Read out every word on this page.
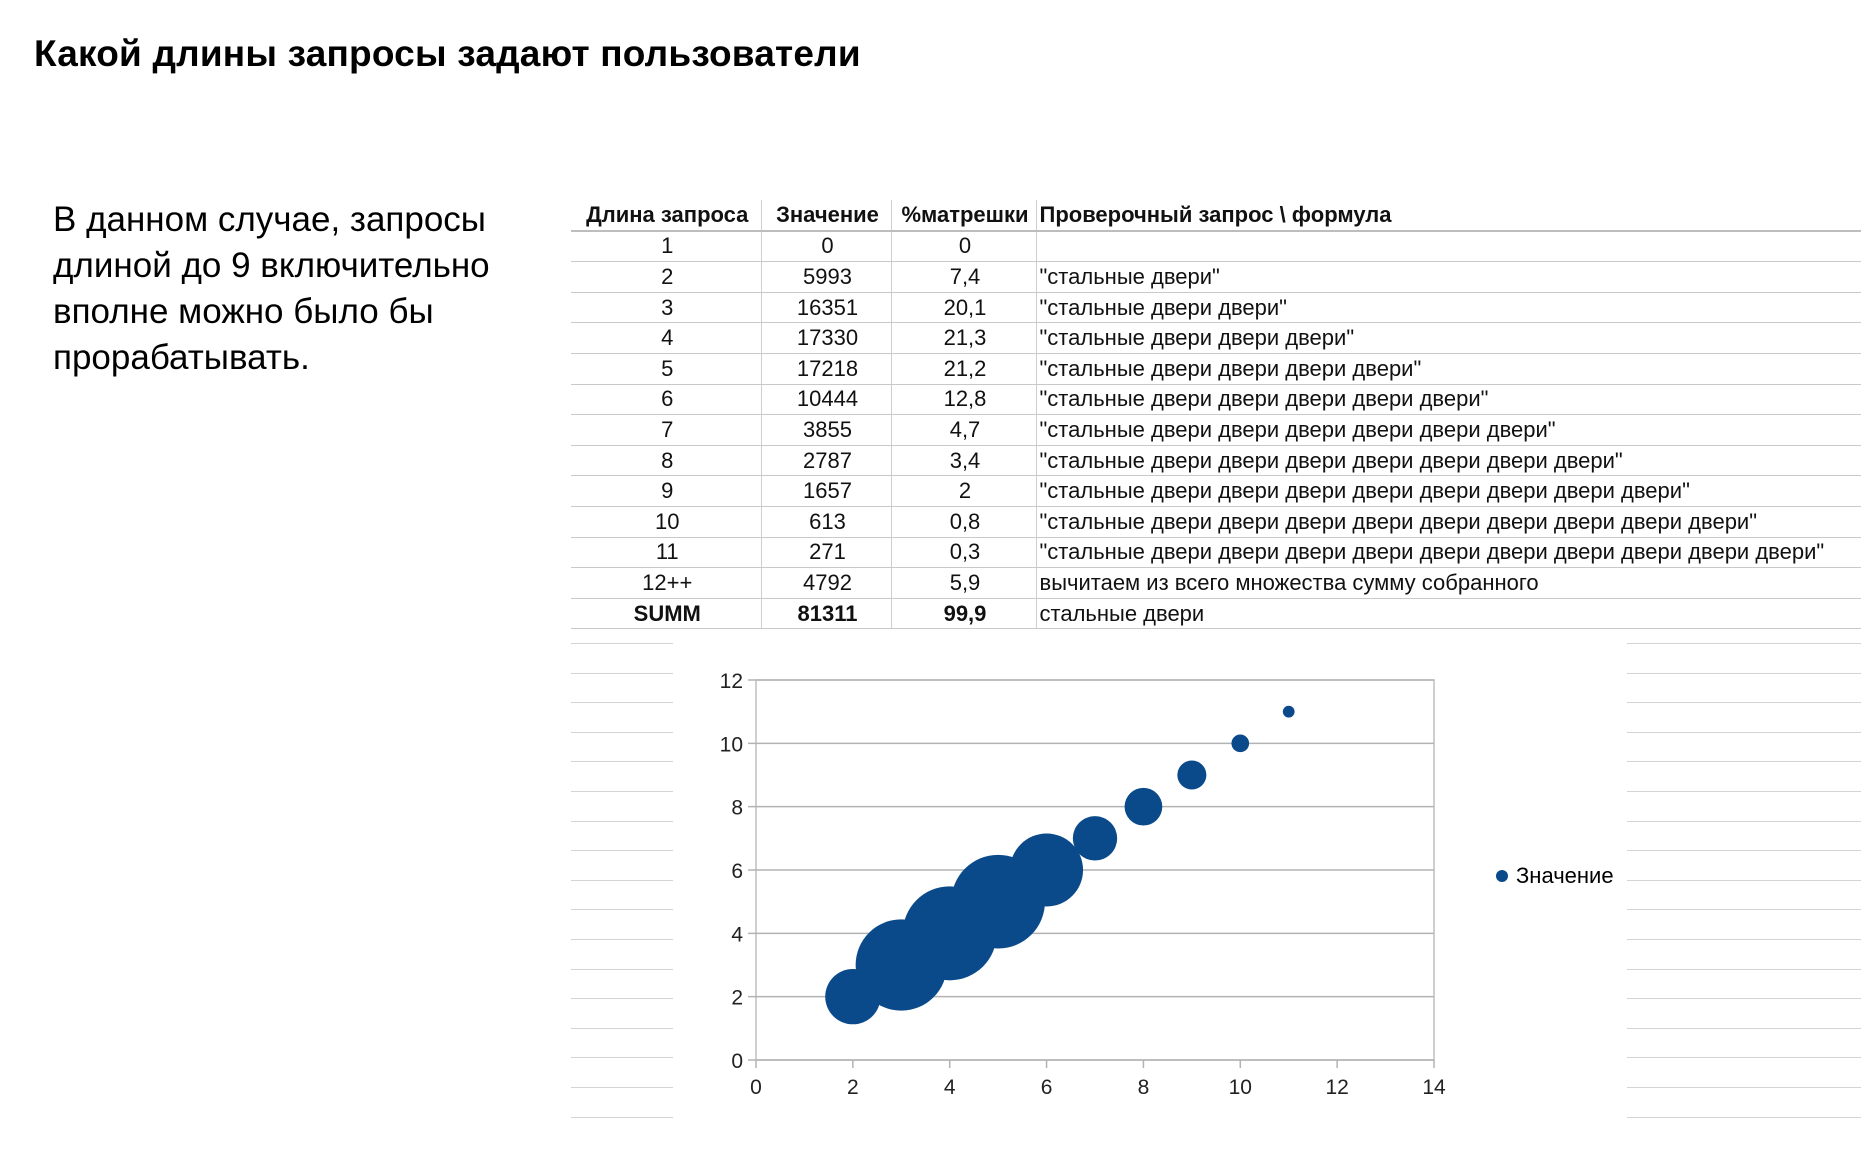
Какой длины запросы задают пользователи

В данном случае, запросы длиной до 9 включительно вполне можно было бы прорабатывать.

Длина запроса	Значение	%матрешки	Проверочный запрос \ формула
1	0	0	
2	5993	7,4	"стальные двери"
3	16351	20,1	"стальные двери двери"
4	17330	21,3	"стальные двери двери двери"
5	17218	21,2	"стальные двери двери двери двери"
6	10444	12,8	"стальные двери двери двери двери двери"
7	3855	4,7	"стальные двери двери двери двери двери двери"
8	2787	3,4	"стальные двери двери двери двери двери двери двери"
9	1657	2	"стальные двери двери двери двери двери двери двери двери"
10	613	0,8	"стальные двери двери двери двери двери двери двери двери двери"
11	271	0,3	"стальные двери двери двери двери двери двери двери двери двери двери"
12++	4792	5,9	вычитаем из всего множества сумму собранного
SUMM	81311	99,9	стальные двери
0
2
4
6
8
10
12
0	2	4	6	8	10	12	14
Значение
